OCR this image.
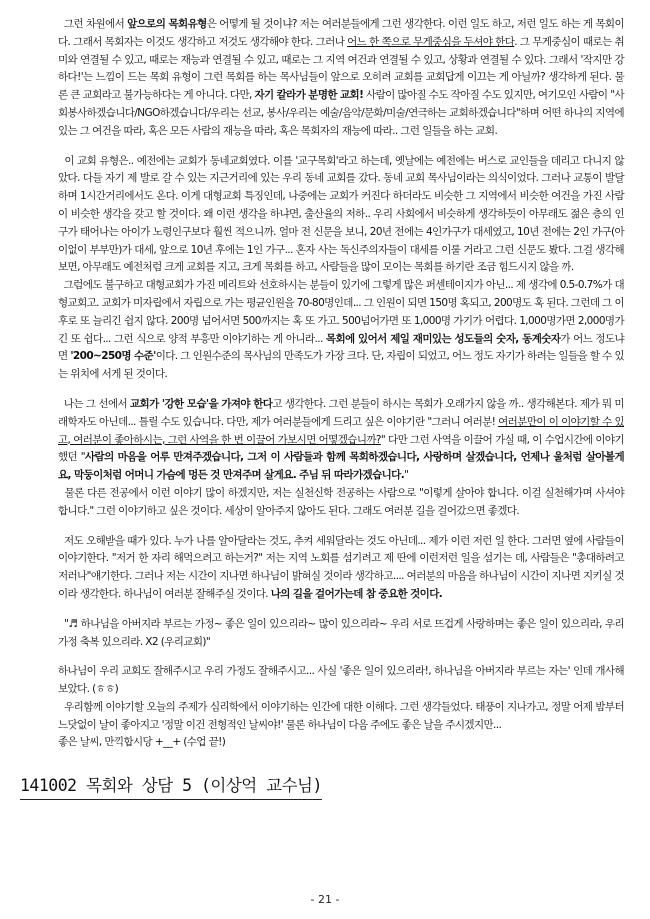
그런 차원에서 앞으로의 목회유형은 어떻게 될 것이냐? 저는 여러분들에게 그런 생각한다. 이런 일도 하고, 저런 일도 하는 게 목회이다. 그래서 목회자는 이것도 생각하고 저것도 생각해야 한다. 그러나 어느 한 쪽으로 무게중심을 두셔야 한다. 그 무게중심이 때로는 취미와 연결될 수 있고, 때로는 재능과 연결될 수 있고, 때로는 그 지역 여건과 연결될 수 있고, 상황과 연결될 수 있다. 그래서 '작지만 강하다!'는 느낌이 드는 목회 유형이 그런 목회를 하는 목사님들이 앞으로 오히려 교회를 교회답게 이끄는 게 아닐까? 생각하게 된다. 물론 큰 교회라고 불가능하다는 게 아니다. 다만, 자기 칼라가 분명한 교회! 사람이 많아질 수도 작아질 수도 있지만, 여기모인 사람이 "사회봉사하겠습니다/NGO하겠습니다/우리는 선교, 봉사/우리는 예술/음악/문화/미술/연극하는 교회하겠습니다"하며 어떤 하나의 지역에 있는 그 여건을 따라, 혹은 모든 사람의 재능을 따라, 혹은 목회자의 재능에 따라.. 그런 일들을 하는 교회.

이 교회 유형은.. 예전에는 교회가 동네교회였다. 이를 '교구목회'라고 하는데, 옛날에는 예전에는 버스로 교인들을 데리고 다니지 않았다. 다들 자기 제 발로 갈 수 있는 지근거리에 있는 우리 동네 교회를 갔다. 동네 교회 목사님이라는 의식이었다. 그러나 교통이 발달하며 1시간거리에서도 온다. 이게 대형교회 특징인데, 나중에는 교회가 커진다 하더라도 비슷한 그 지역에서 비슷한 여건을 가진 사람이 비슷한 생각을 갖고 할 것이다. 왜 이런 생각을 하냐면, 출산율의 저하.. 우리 사회에서 비슷하게 생각하듯이 아무래도 젊은 층의 인구가 태어나는 아이가 노령인구보다 훨씬 적으니까. 얼마 전 신문을 보니, 20년 전에는 4인가구가 대세였고, 10년 전에는 2인 가구(아이없이 부부만)가 대세, 앞으로 10년 후에는 1인 가구... 혼자 사는 독신주의자들이 대세를 이룰 거라고 그런 신문도 봤다. 그걸 생각해보면, 아무래도 예전처럼 크게 교회를 지고, 크게 목회를 하고, 사람들을 많이 모이는 목회를 하기란 조금 힘드시지 않을 까.

그럼에도 불구하고 대형교회가 가진 메리트와 선호하시는 분들이 있기에 그렇게 많은 퍼센테이지가 아닌... 제 생각에 0.5-0.7%가 대형교회고. 교회가 미자립에서 자립으로 가는 평균인원을 70-80명인데... 그 인원이 되면 150명 혹되고, 200명도 혹 된다. 그런데 그 이후로 또 늘리긴 쉽지 않다. 200명 넘어서면 500까지는 혹 또 가고. 500넘어가면 또 1,000명 가기가 어렵다. 1,000명가면 2,000명가긴 또 쉽다... 그런 식으로 양적 부흥만 이야기하는 게 아니라... 목회에 있어서 제일 재미있는 성도들의 숫자, 동계숫자가 어느 정도냐면 '200~250명 수준'이다. 그 인원수준의 목사님의 만족도가 가장 크다. 단, 자립이 되었고, 어느 정도 자기가 하려는 일들을 할 수 있는 위치에 서게 된 것이다.

나는 그 선에서 교회가 '강한 모습'을 가져야 한다고 생각한다. 그런 분들이 하시는 목회가 오래가지 않을 까.. 생각해본다. 제가 뭐 미래학자도 아닌데... 틀릴 수도 있습니다. 다만, 제가 여러분들에게 드리고 싶은 이야기란 "그러니 여러분! 여러분만이 이 이야기할 수 있고, 여러분이 좋아하시는, 그런 사역을 한 번 이끌어 가보시면 어떻겠습니까?" 다만 그런 사역을 이끌어 가실 때, 이 수업시간에 이야기했던 "사람의 마음을 어루 만져주겠습니다, 그저 이 사람들과 함께 목회하겠습니다, 사랑하며 살겠습니다, 언제나 울처럼 살아볼게요, 막둥이처럼 어머니 가슴에 멍든 것 만져주며 살게요. 주님 뒤 따라가겠습니다."

물론 다른 전공에서 이런 이야기 많이 하겠지만, 저는 실천신학 전공하는 사람으로 "이렇게 살아야 합니다. 이걸 실천해가며 사셔야 합니다." 그런 이야기하고 싶은 것이다. 세상이 알아주지 않아도 된다. 그래도 여러분 길을 걸어갔으면 좋겠다.

저도 오해받을 때가 있다. 누가 나를 알아달라는 것도, 추켜 세워달라는 것도 아닌데... 제가 이런 저런 일 한다. 그러면 옆에 사람들이 이야기한다. "저거 한 자리 해먹으려고 하는거?" 저는 지역 노회를 섬기려고 제 딴에 이런저런 일을 섬기는 데, 사람들은 "총대하려고 저러나"얘기한다. 그러나 저는 시간이 지나면 하나님이 밝혀실 것이라 생각하고.... 여러분의 마음을 하나님이 시간이 지나면 지키실 것이라 생각한다. 하나님이 여러분 잘해주실 것이다. 나의 길을 걸어가는데 참 중요한 것이다.

"♬ 하나님을 아버지라 부르는 가정~ 좋은 일이 있으리라~ 많이 있으리라~ 우리 서로 뜨겁게 사랑하며는 좋은 일이 있으리라, 우리 가정 축복 있으리라. X2 (우리교회)"

하나님이 우리 교회도 잘해주시고 우리 가정도 잘해주시고... 사실 '좋은 일이 있으리라!, 하나님을 아버지라 부르는 자는' 인데 개사해보았다. (ㅎㅎ)

우리함께 이야기할 오늘의 주제가 심리학에서 이야기하는 인간에 대한 이해다. 그런 생각들었다. 태풍이 지나가고, 정말 어제 밤부터 느닷없이 날이 좋아지고 '정말 이건 전형적인 날씨야!' 물론 하나님이 다음 주에도 좋은 날을 주시겠지만...

좋은 날씨, 만끽합시당 +__+ (수업 끝!)

141002 목회와 상담 5 (이상억 교수님)
- 21 -
